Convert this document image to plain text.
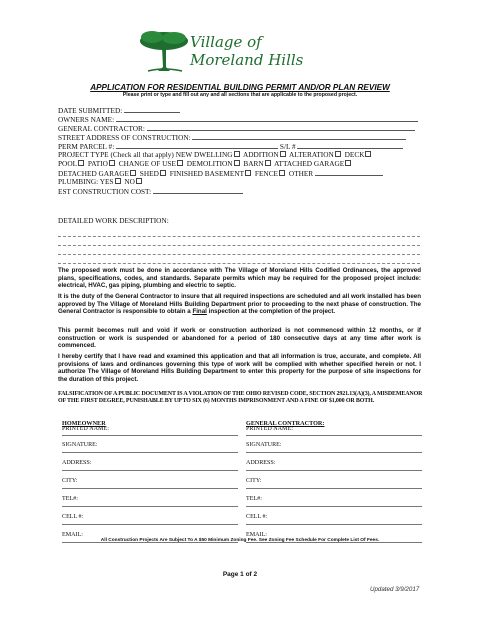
Village of
Moreland Hills
APPLICATION FOR RESIDENTIAL BUILDING PERMIT AND/OR PLAN REVIEW
Please print or type and fill out any and all sections that are applicable to the proposed project.
DATE SUBMITTED:
OWNERS NAME:
GENERAL CONTRACTOR:
STREET ADDRESS OF CONSTRUCTION:
PERM PARCEL #:	S/L #
PROJECT TYPE (Check all that apply) NEW DWELLING ADDITION ALTERATION DECK
POOL PATIO CHANGE OF USE DEMOLITION BARN ATTACHED GARAGE
DETACHED GARAGE SHED FINISHED BASEMENT FENCE OTHER
PLUMBING: YES NO
EST CONSTRUCTION COST:
DETAILED WORK DESCRIPTION:
The proposed work must be done in accordance with The Village of Moreland Hills Codified Ordinances, the approved plans, specifications, codes, and standards. Separate permits which may be required for the proposed project include: electrical, HVAC, gas piping, plumbing and electric to septic.
It is the duty of the General Contractor to insure that all required inspections are scheduled and all work installed has been approved by The Village of Moreland Hills Building Department prior to proceeding to the next phase of construction. The General Contractor is responsible to obtain a Final inspection at the completion of the project.
This permit becomes null and void if work or construction authorized is not commenced within 12 months, or if construction or work is suspended or abandoned for a period of 180 consecutive days at any time after work is commenced.
I hereby certify that I have read and examined this application and that all information is true, accurate, and complete. All provisions of laws and ordinances governing this type of work will be complied with whether specified herein or not. I authorize The Village of Moreland Hills Building Department to enter this property for the purpose of site inspections for the duration of this project.
FALSIFICATION OF A PUBLIC DOCUMENT IS A VIOLATION OF THE OHIO REVISED CODE, SECTION 2921.13(A)(3), A MISDEMEANOR OF THE FIRST DEGREE, PUNISHABLE BY UP TO SIX (6) MONTHS IMPRISONMENT AND A FINE OF $1,000 OR BOTH.
HOMEOWNER
PRINTED NAME:
SIGNATURE:
ADDRESS:
CITY:
TEL#:
CELL #:
EMAIL:
GENERAL CONTRACTOR:
PRINTED NAME:
SIGNATURE:
ADDRESS:
CITY:
TEL#:
CELL #:
EMAIL:
All Construction Projects Are Subject To A $50 Minimum Zoning Fee. See Zoning Fee Schedule For Complete List Of Fees.
Page 1 of 2
Updated 3/9/2017
